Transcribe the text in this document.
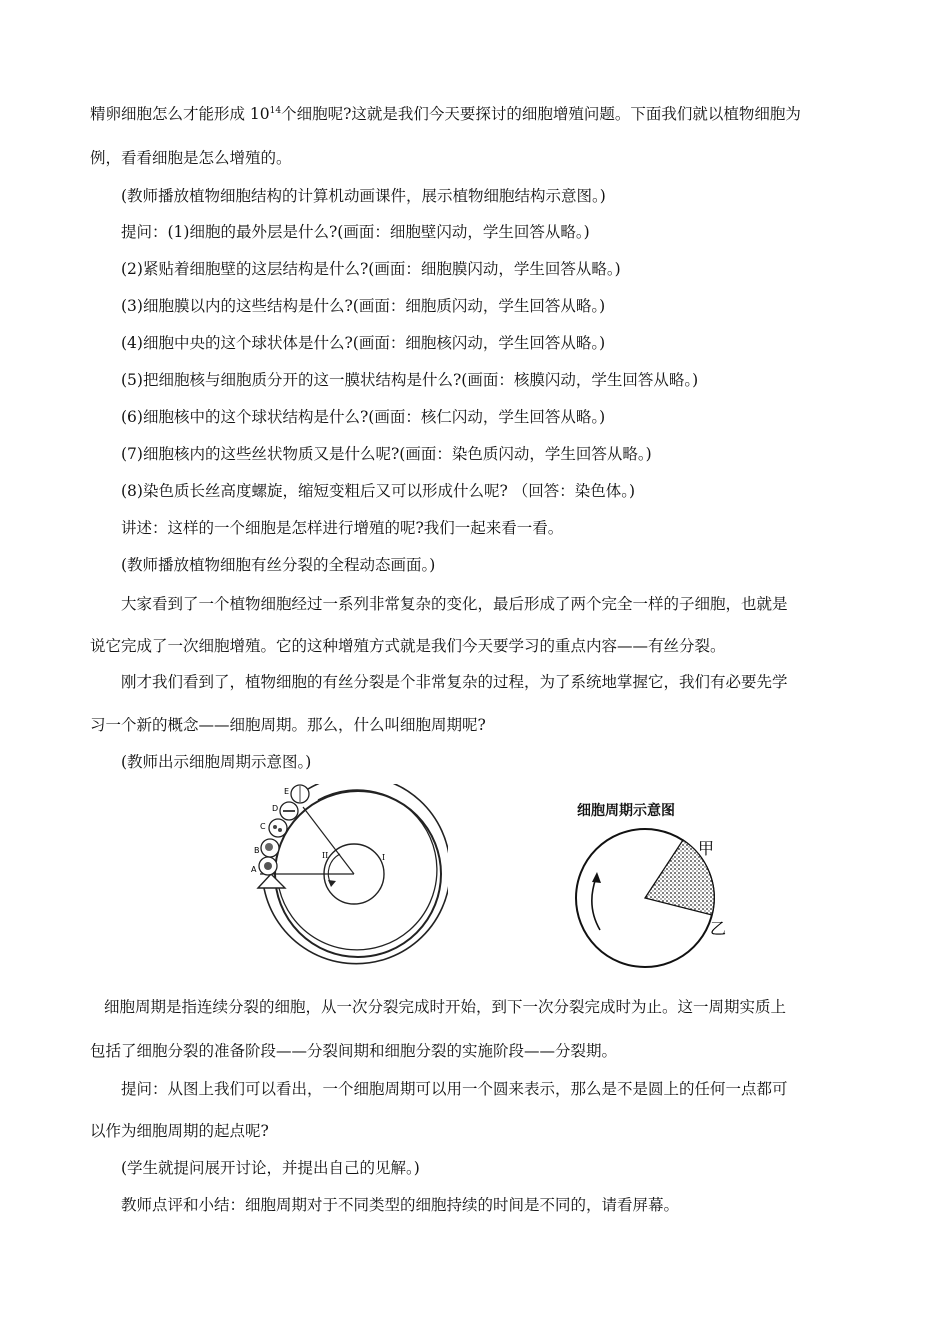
精卵细胞怎么才能形成 $10^{14}$个细胞呢?这就是我们今天要探讨的细胞增殖问题。下面我们就以植物细胞为
例，看看细胞是怎么增殖的。
(教师播放植物细胞结构的计算机动画课件，展示植物细胞结构示意图。)
提问：(1)细胞的最外层是什么?(画面：细胞壁闪动，学生回答从略。)
(2)紧贴着细胞壁的这层结构是什么?(画面：细胞膜闪动，学生回答从略。)
(3)细胞膜以内的这些结构是什么?(画面：细胞质闪动，学生回答从略。)
(4)细胞中央的这个球状体是什么?(画面：细胞核闪动，学生回答从略。)
(5)把细胞核与细胞质分开的这一膜状结构是什么?(画面：核膜闪动，学生回答从略。)
(6)细胞核中的这个球状结构是什么?(画面：核仁闪动，学生回答从略。)
(7)细胞核内的这些丝状物质又是什么呢?(画面：染色质闪动，学生回答从略。)
(8)染色质长丝高度螺旋，缩短变粗后又可以形成什么呢? （回答：染色体。)
讲述：这样的一个细胞是怎样进行增殖的呢?我们一起来看一看。
(教师播放植物细胞有丝分裂的全程动态画面。)
大家看到了一个植物细胞经过一系列非常复杂的变化，最后形成了两个完全一样的子细胞，也就是
说它完成了一次细胞增殖。它的这种增殖方式就是我们今天要学习的重点内容——有丝分裂。
刚才我们看到了，植物细胞的有丝分裂是个非常复杂的过程，为了系统地掌握它，我们有必要先学
习一个新的概念——细胞周期。那么，什么叫细胞周期呢?
(教师出示细胞周期示意图。)
A
B
C
D
E
II	I
细胞周期示意图
甲
乙
细胞周期是指连续分裂的细胞，从一次分裂完成时开始，到下一次分裂完成时为止。这一周期实质上
包括了细胞分裂的准备阶段——分裂间期和细胞分裂的实施阶段——分裂期。
提问：从图上我们可以看出，一个细胞周期可以用一个圆来表示，那么是不是圆上的任何一点都可
以作为细胞周期的起点呢?
(学生就提问展开讨论，并提出自己的见解。)
教师点评和小结：细胞周期对于不同类型的细胞持续的时间是不同的，请看屏幕。
